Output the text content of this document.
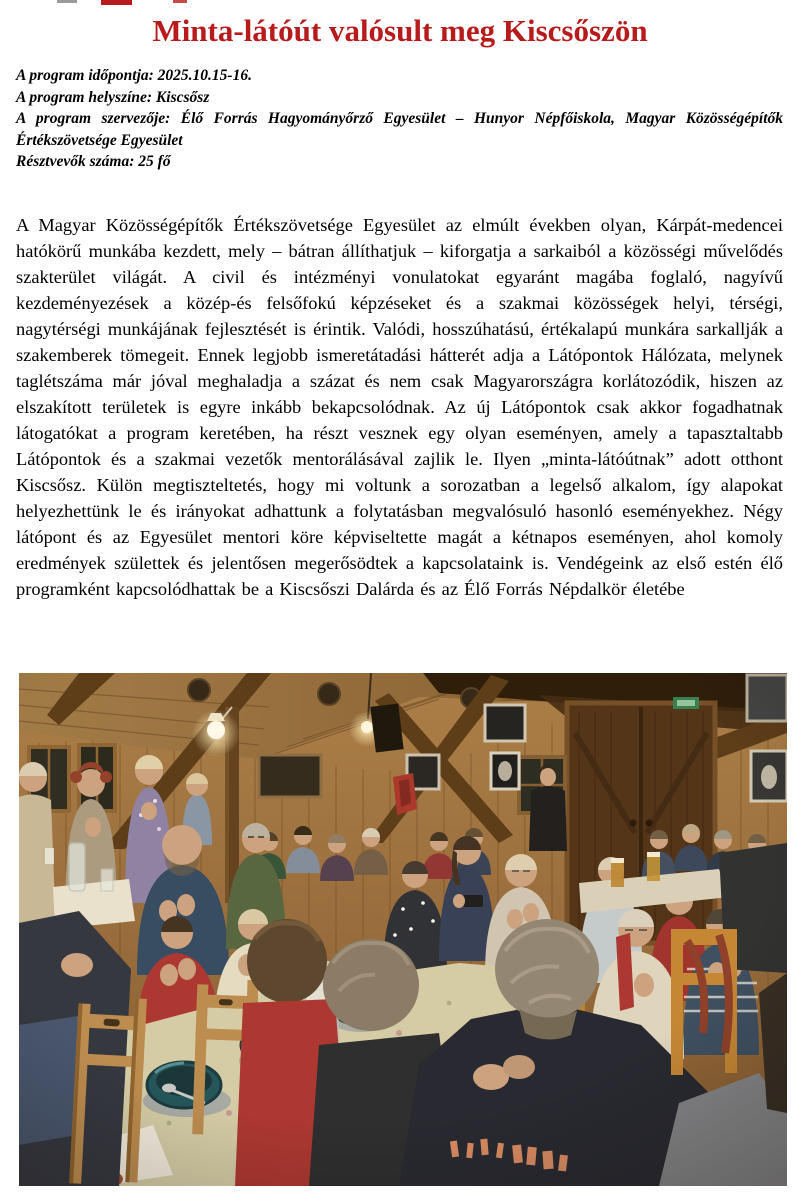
Minta-látóút valósult meg Kiscsőszön

A program időpontja: 2025.10.15-16.

A program helyszíne: Kiscsősz

A program szervezője: Élő Forrás Hagyományőrző Egyesület – Hunyor Népfőiskola, Magyar Közösségépítők Értékszövetsége Egyesület

Résztvevők száma: 25 fő

A Magyar Közösségépítők Értékszövetsége Egyesület az elmúlt években olyan, Kárpát-medencei hatókörű munkába kezdett, mely – bátran állíthatjuk – kiforgatja a sarkaiból a közösségi művelődés szakterület világát. A civil és intézményi vonulatokat egyaránt magába foglaló, nagyívű kezdeményezések a közép-és felsőfokú képzéseket és a szakmai közösségek helyi, térségi, nagytérségi munkájának fejlesztését is érintik. Valódi, hosszúhatású, értékalapú munkára sarkallják a szakemberek tömegeit. Ennek legjobb ismeretátadási hátterét adja a Látópontok Hálózata, melynek taglétszáma már jóval meghaladja a százat és nem csak Magyarországra korlátozódik, hiszen az elszakított területek is egyre inkább bekapcsolódnak. Az új Látópontok csak akkor fogadhatnak látogatókat a program keretében, ha részt vesznek egy olyan eseményen, amely a tapasztaltabb Látópontok és a szakmai vezetők mentorálásával zajlik le. Ilyen „minta-látóútnak” adott otthont Kiscsősz. Külön megtiszteltetés, hogy mi voltunk a sorozatban a legelső alkalom, így alapokat helyezhettünk le és irányokat adhattunk a folytatásban megvalósuló hasonló eseményekhez. Négy látópont és az Egyesület mentori köre képviseltette magát a kétnapos eseményen, ahol komoly eredmények születtek és jelentősen megerősödtek a kapcsolataink is. Vendégeink az első estén élő programként kapcsolódhattak be a Kiscsőszi Dalárda és az Élő Forrás Népdalkör életébe
